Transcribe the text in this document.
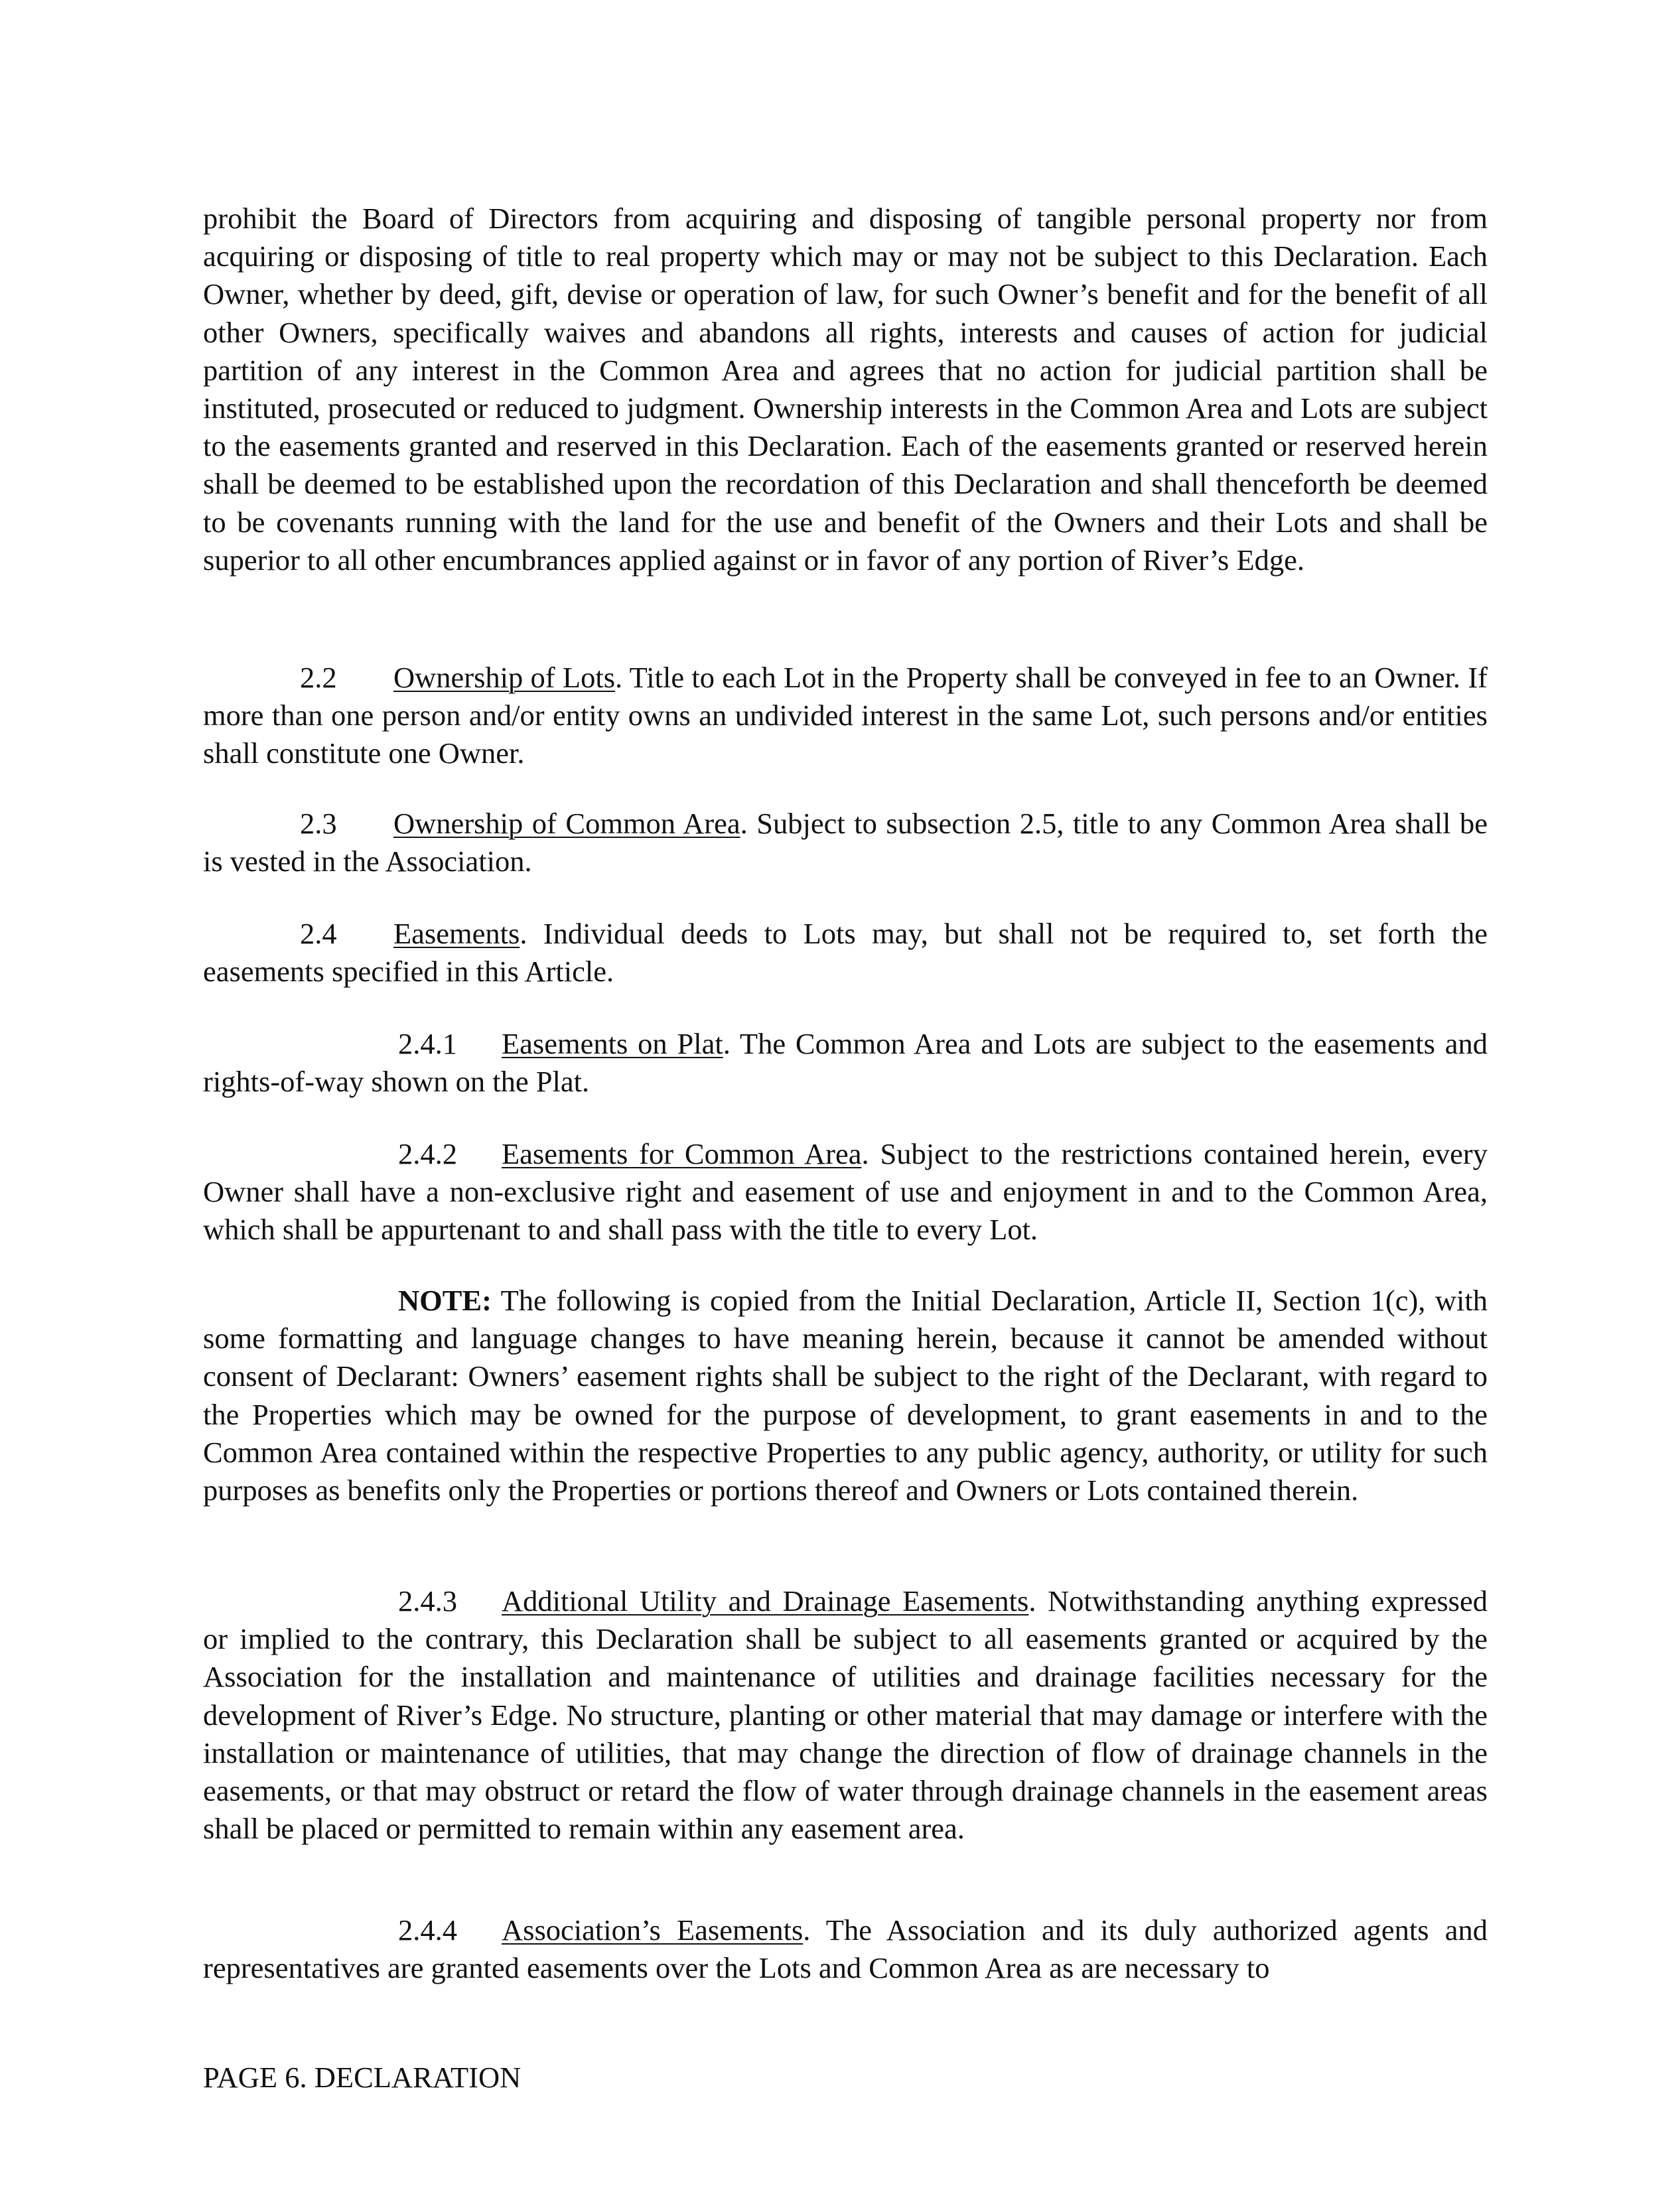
prohibit the Board of Directors from acquiring and disposing of tangible personal property nor from acquiring or disposing of title to real property which may or may not be subject to this Declaration. Each Owner, whether by deed, gift, devise or operation of law, for such Owner’s benefit and for the benefit of all other Owners, specifically waives and abandons all rights, interests and causes of action for judicial partition of any interest in the Common Area and agrees that no action for judicial partition shall be instituted, prosecuted or reduced to judgment. Ownership interests in the Common Area and Lots are subject to the easements granted and reserved in this Declaration. Each of the easements granted or reserved herein shall be deemed to be established upon the recordation of this Declaration and shall thenceforth be deemed to be covenants running with the land for the use and benefit of the Owners and their Lots and shall be superior to all other encumbrances applied against or in favor of any portion of River’s Edge.

2.2 Ownership of Lots. Title to each Lot in the Property shall be conveyed in fee to an Owner. If more than one person and/or entity owns an undivided interest in the same Lot, such persons and/or entities shall constitute one Owner.

2.3 Ownership of Common Area. Subject to subsection 2.5, title to any Common Area shall be is vested in the Association.

2.4 Easements. Individual deeds to Lots may, but shall not be required to, set forth the easements specified in this Article.

2.4.1 Easements on Plat. The Common Area and Lots are subject to the easements and rights-of-way shown on the Plat.

2.4.2 Easements for Common Area. Subject to the restrictions contained herein, every Owner shall have a non-exclusive right and easement of use and enjoyment in and to the Common Area, which shall be appurtenant to and shall pass with the title to every Lot.

NOTE: The following is copied from the Initial Declaration, Article II, Section 1(c), with some formatting and language changes to have meaning herein, because it cannot be amended without consent of Declarant: Owners’ easement rights shall be subject to the right of the Declarant, with regard to the Properties which may be owned for the purpose of development, to grant easements in and to the Common Area contained within the respective Properties to any public agency, authority, or utility for such purposes as benefits only the Properties or portions thereof and Owners or Lots contained therein.

2.4.3 Additional Utility and Drainage Easements. Notwithstanding anything expressed or implied to the contrary, this Declaration shall be subject to all easements granted or acquired by the Association for the installation and maintenance of utilities and drainage facilities necessary for the development of River’s Edge. No structure, planting or other material that may damage or interfere with the installation or maintenance of utilities, that may change the direction of flow of drainage channels in the easements, or that may obstruct or retard the flow of water through drainage channels in the easement areas shall be placed or permitted to remain within any easement area.

2.4.4 Association’s Easements. The Association and its duly authorized agents and representatives are granted easements over the Lots and Common Area as are necessary to

PAGE 6. DECLARATION
